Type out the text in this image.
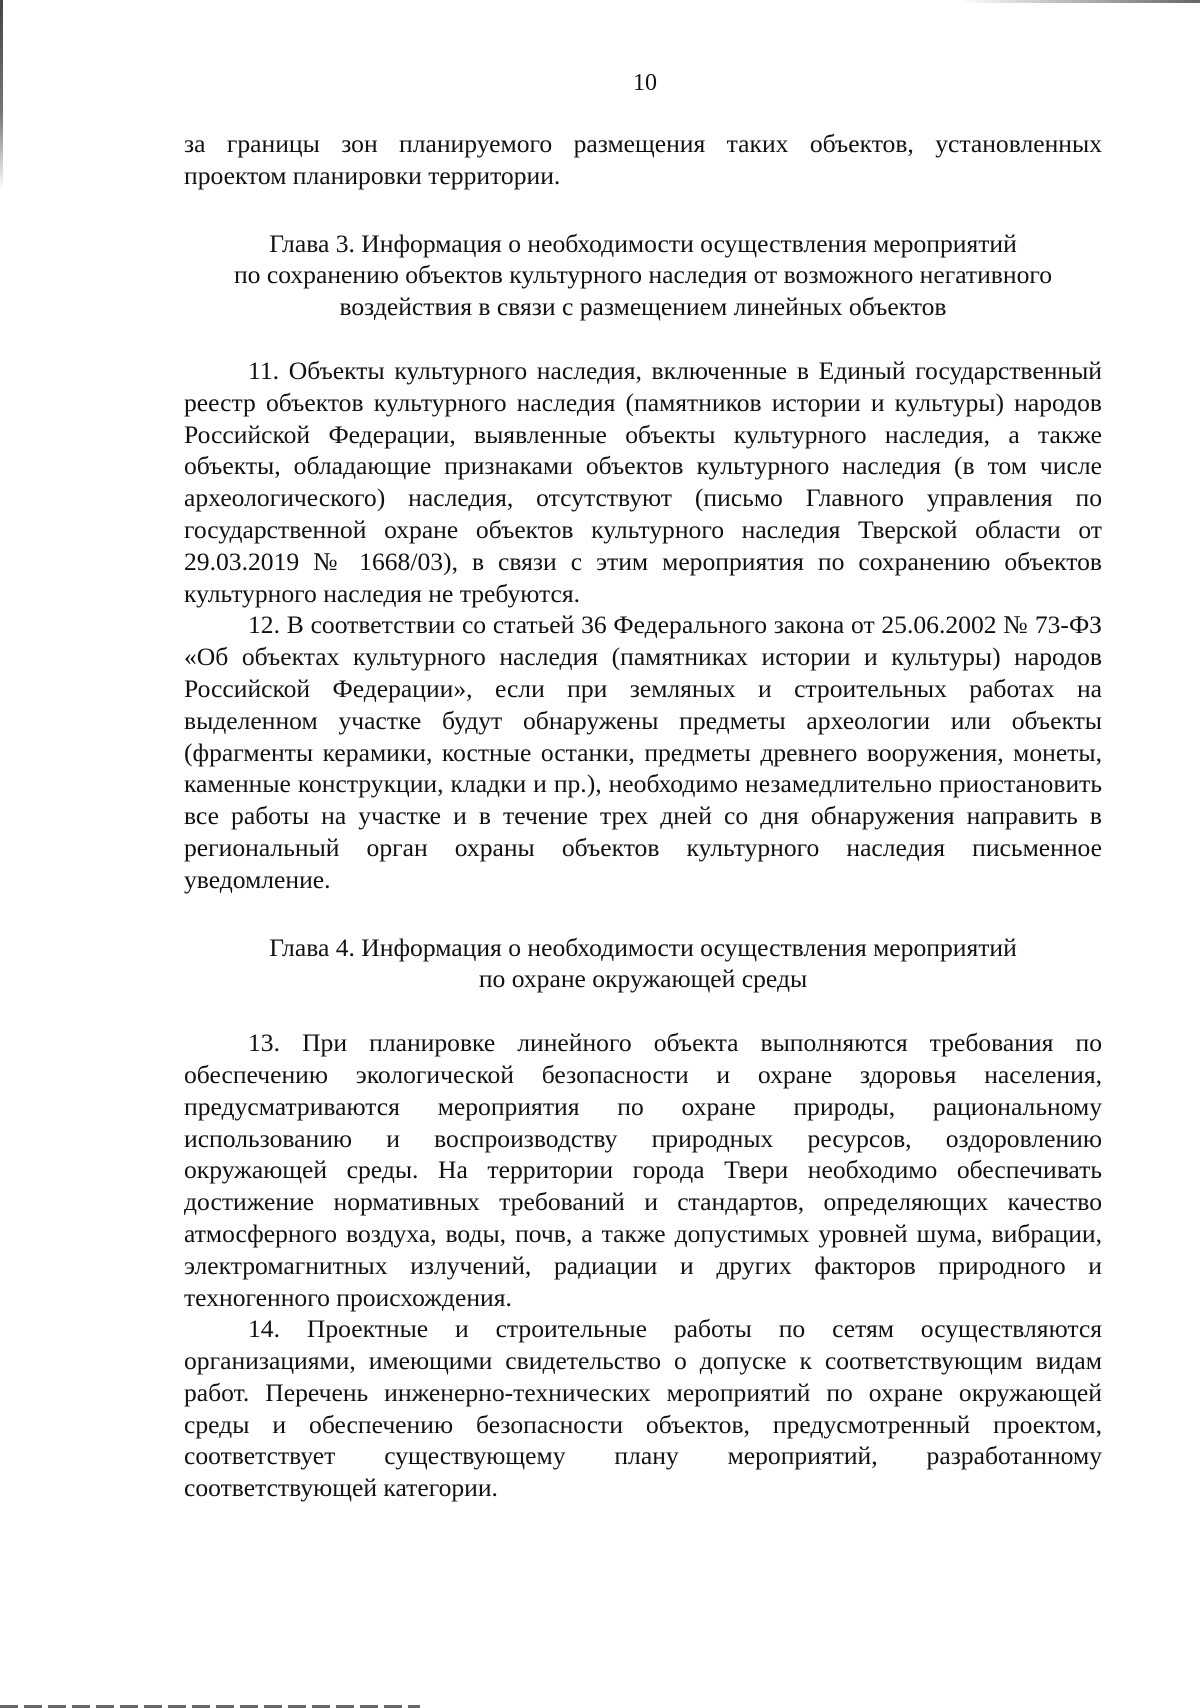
10

за границы зон планируемого размещения таких объектов, установленных проектом планировки территории.

Глава 3. Информация о необходимости осуществления мероприятий
по сохранению объектов культурного наследия от возможного негативного
воздействия в связи с размещением линейных объектов

11. Объекты культурного наследия, включенные в Единый государственный реестр объектов культурного наследия (памятников истории и культуры) народов Российской Федерации, выявленные объекты культурного наследия, а также объекты, обладающие признаками объектов культурного наследия (в том числе археологического) наследия, отсутствуют (письмо Главного управления по государственной охране объектов культурного наследия Тверской области от 29.03.2019 № 1668/03), в связи с этим мероприятия по сохранению объектов культурного наследия не требуются.

12. В соответствии со статьей 36 Федерального закона от 25.06.2002 № 73-ФЗ «Об объектах культурного наследия (памятниках истории и культуры) народов Российской Федерации», если при земляных и строительных работах на выделенном участке будут обнаружены предметы археологии или объекты (фрагменты керамики, костные останки, предметы древнего вооружения, монеты, каменные конструкции, кладки и пр.), необходимо незамедлительно приостановить все работы на участке и в течение трех дней со дня обнаружения направить в региональный орган охраны объектов культурного наследия письменное уведомление.

Глава 4. Информация о необходимости осуществления мероприятий
по охране окружающей среды

13. При планировке линейного объекта выполняются требования по обеспечению экологической безопасности и охране здоровья населения, предусматриваются мероприятия по охране природы, рациональному использованию и воспроизводству природных ресурсов, оздоровлению окружающей среды. На территории города Твери необходимо обеспечивать достижение нормативных требований и стандартов, определяющих качество атмосферного воздуха, воды, почв, а также допустимых уровней шума, вибрации, электромагнитных излучений, радиации и других факторов природного и техногенного происхождения.

14. Проектные и строительные работы по сетям осуществляются организациями, имеющими свидетельство о допуске к соответствующим видам работ. Перечень инженерно-технических мероприятий по охране окружающей среды и обеспечению безопасности объектов, предусмотренный проектом, соответствует существующему плану мероприятий, разработанному соответствующей категории.
